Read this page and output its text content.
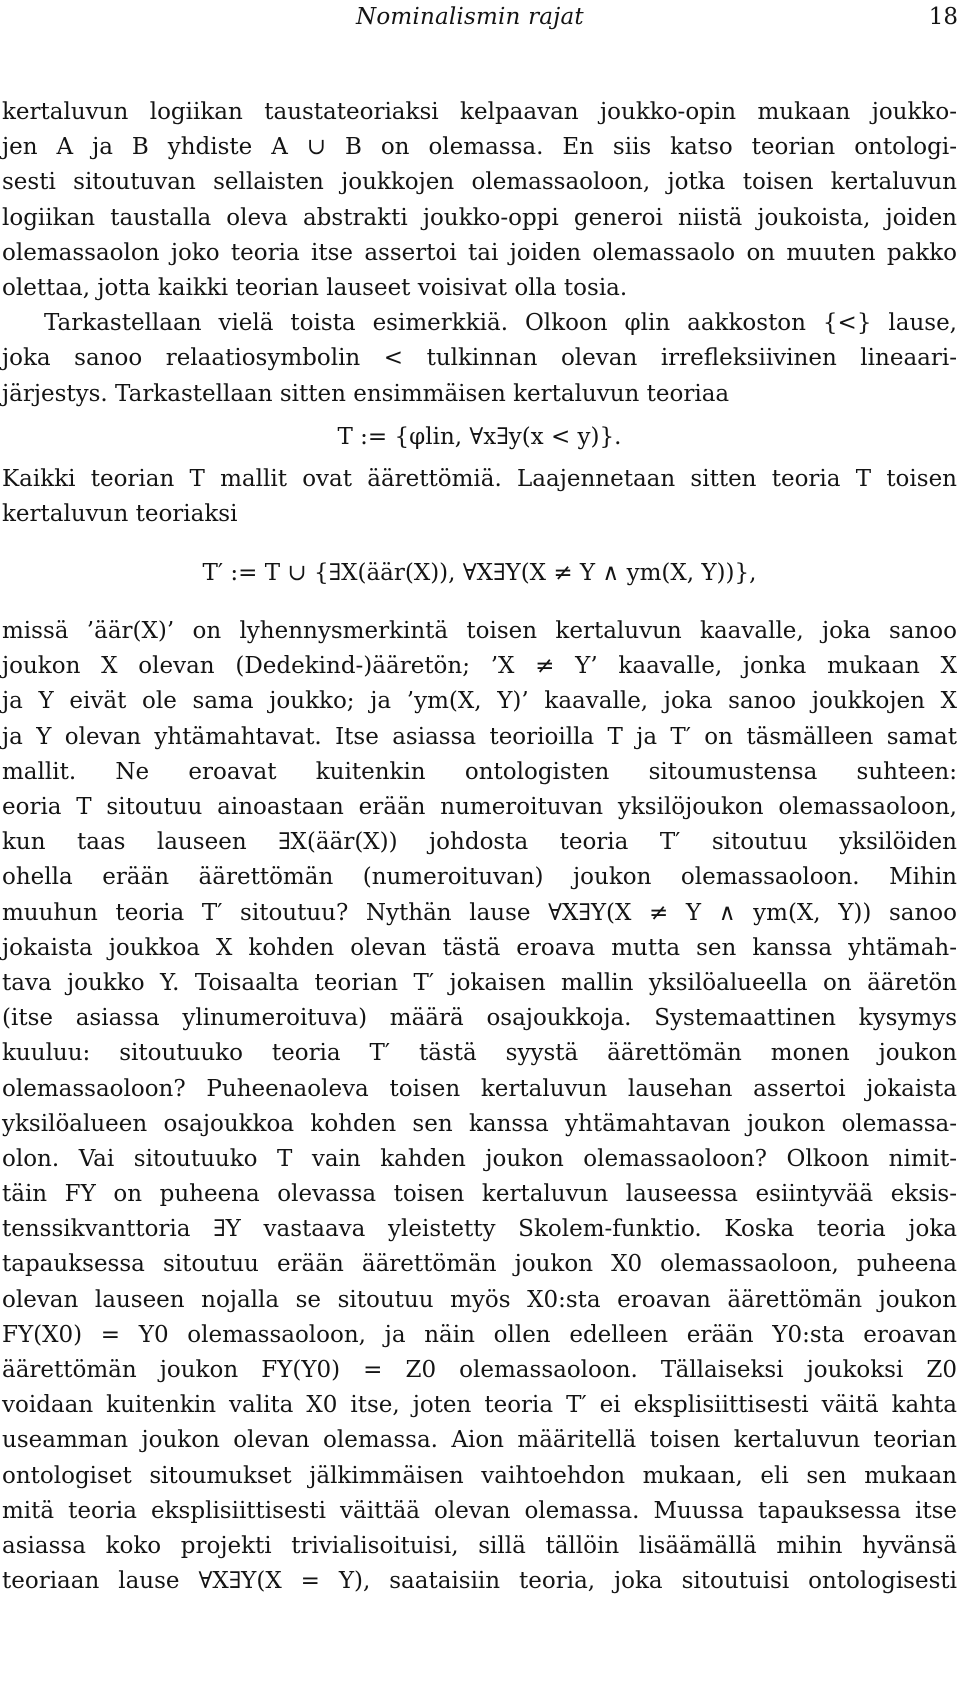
Nominalismin rajat	18
kertaluvun logiikan taustateoriaksi kelpaavan joukko-opin mukaan joukko-
jen A ja B yhdiste A ∪ B on olemassa. En siis katso teorian ontologi-
sesti sitoutuvan sellaisten joukkojen olemassaoloon, jotka toisen kertaluvun
logiikan taustalla oleva abstrakti joukko-oppi generoi niistä joukoista, joiden
olemassaolon joko teoria itse assertoi tai joiden olemassaolo on muuten pakko
olettaa, jotta kaikki teorian lauseet voisivat olla tosia.
Tarkastellaan vielä toista esimerkkiä. Olkoon φlin aakkoston {<} lause,
joka sanoo relaatiosymbolin < tulkinnan olevan irrefleksiivinen lineaari-
järjestys. Tarkastellaan sitten ensimmäisen kertaluvun teoriaa
T := {φlin, ∀x∃y(x < y)}.
Kaikki teorian T mallit ovat äärettömiä. Laajennetaan sitten teoria T toisen
kertaluvun teoriaksi
T′ := T ∪ {∃X(äär(X)), ∀X∃Y(X ≠ Y ∧ ym(X, Y))},
missä ’äär(X)’ on lyhennysmerkintä toisen kertaluvun kaavalle, joka sanoo
joukon X olevan (Dedekind-)ääretön; ’X ≠ Y’ kaavalle, jonka mukaan X
ja Y eivät ole sama joukko; ja ’ym(X, Y)’ kaavalle, joka sanoo joukkojen X
ja Y olevan yhtämahtavat. Itse asiassa teorioilla T ja T′ on täsmälleen samat
mallit. Ne eroavat kuitenkin ontologisten sitoumustensa suhteen:
eoria T sitoutuu ainoastaan erään numeroituvan yksilöjoukon olemassaoloon,
kun taas lauseen ∃X(äär(X)) johdosta teoria T′ sitoutuu yksilöiden
ohella erään äärettömän (numeroituvan) joukon olemassaoloon. Mihin
muuhun teoria T′ sitoutuu? Nythän lause ∀X∃Y(X ≠ Y ∧ ym(X, Y)) sanoo
jokaista joukkoa X kohden olevan tästä eroava mutta sen kanssa yhtämah-
tava joukko Y. Toisaalta teorian T′ jokaisen mallin yksilöalueella on ääretön
(itse asiassa ylinumeroituva) määrä osajoukkoja. Systemaattinen kysymys
kuuluu: sitoutuuko teoria T′ tästä syystä äärettömän monen joukon
olemassaoloon? Puheenaoleva toisen kertaluvun lausehan assertoi jokaista
yksilöalueen osajoukkoa kohden sen kanssa yhtämahtavan joukon olemassa-
olon. Vai sitoutuuko T vain kahden joukon olemassaoloon? Olkoon nimit-
täin FY on puheena olevassa toisen kertaluvun lauseessa esiintyvää eksis-
tenssikvanttoria ∃Y vastaava yleistetty Skolem-funktio. Koska teoria joka
tapauksessa sitoutuu erään äärettömän joukon X0 olemassaoloon, puheena
olevan lauseen nojalla se sitoutuu myös X0:sta eroavan äärettömän joukon
FY(X0) = Y0 olemassaoloon, ja näin ollen edelleen erään Y0:sta eroavan
äärettömän joukon FY(Y0) = Z0 olemassaoloon. Tällaiseksi joukoksi Z0
voidaan kuitenkin valita X0 itse, joten teoria T′ ei eksplisiittisesti väitä kahta
useamman joukon olevan olemassa. Aion määritellä toisen kertaluvun teorian
ontologiset sitoumukset jälkimmäisen vaihtoehdon mukaan, eli sen mukaan
mitä teoria eksplisiittisesti väittää olevan olemassa. Muussa tapauksessa itse
asiassa koko projekti trivialisoituisi, sillä tällöin lisäämällä mihin hyvänsä
teoriaan lause ∀X∃Y(X = Y), saataisiin teoria, joka sitoutuisi ontologisesti
